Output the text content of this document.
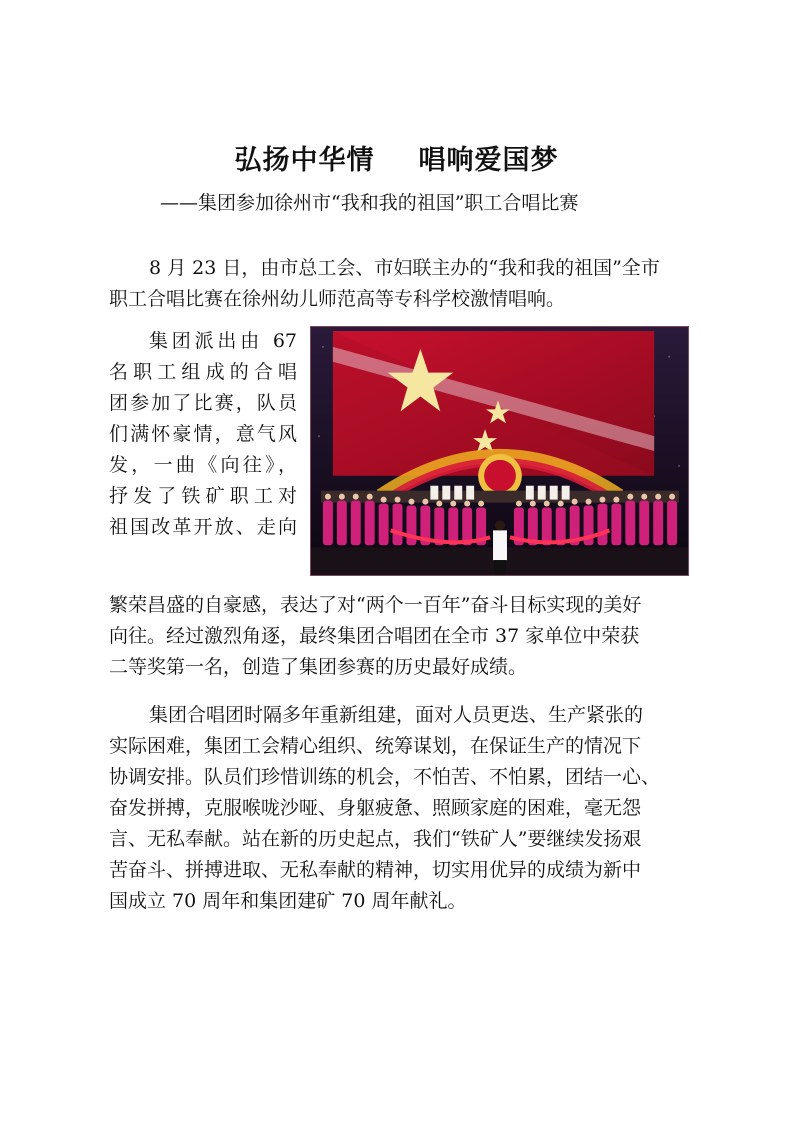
弘扬中华情 唱响爱国梦
——集团参加徐州市“我和我的祖国”职工合唱比赛
8 月 23 日，由市总工会、市妇联主办的“我和我的祖国”全市
职工合唱比赛在徐州幼儿师范高等专科学校激情唱响。
集团派出由 67
名职工组成的合唱
团参加了比赛，队员
们满怀豪情，意气风
发，一曲《向往》，
抒发了铁矿职工对
祖国改革开放、走向
繁荣昌盛的自豪感，表达了对“两个一百年”奋斗目标实现的美好
向往。经过激烈角逐，最终集团合唱团在全市 37 家单位中荣获
二等奖第一名，创造了集团参赛的历史最好成绩。
集团合唱团时隔多年重新组建，面对人员更迭、生产紧张的
实际困难，集团工会精心组织、统筹谋划，在保证生产的情况下
协调安排。队员们珍惜训练的机会，不怕苦、不怕累，团结一心、
奋发拼搏，克服喉咙沙哑、身躯疲惫、照顾家庭的困难，毫无怨
言、无私奉献。站在新的历史起点，我们“铁矿人”要继续发扬艰
苦奋斗、拼搏进取、无私奉献的精神，切实用优异的成绩为新中
国成立 70 周年和集团建矿 70 周年献礼。
